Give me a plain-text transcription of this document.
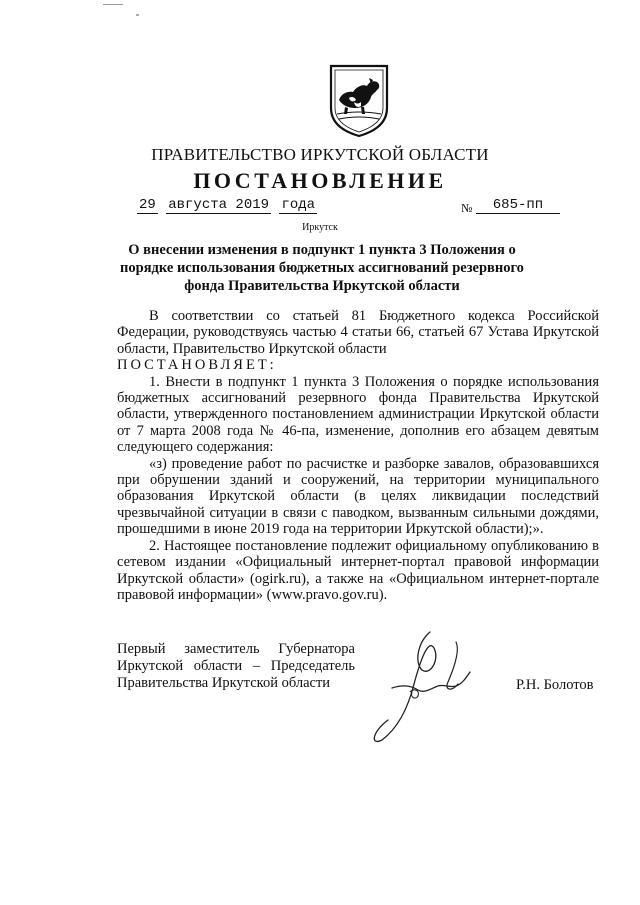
ПРАВИТЕЛЬСТВО ИРКУТСКОЙ ОБЛАСТИ
ПОСТАНОВЛЕНИЕ
29 августа 2019 года	№	685-пп
Иркутск
О внесении изменения в подпункт 1 пункта 3 Положения о порядке использования бюджетных ассигнований резервного фонда Правительства Иркутской области

В соответствии со статьей 81 Бюджетного кодекса Российской Федерации, руководствуясь частью 4 статьи 66, статьей 67 Устава Иркутской области, Правительство Иркутской области

ПОСТАНОВЛЯЕТ:

1. Внести в подпункт 1 пункта 3 Положения о порядке использования бюджетных ассигнований резервного фонда Правительства Иркутской области, утвержденного постановлением администрации Иркутской области от 7 марта 2008 года № 46-па, изменение, дополнив его абзацем девятым следующего содержания:

«з) проведение работ по расчистке и разборке завалов, образовавшихся при обрушении зданий и сооружений, на территории муниципального образования Иркутской области (в целях ликвидации последствий чрезвычайной ситуации в связи с паводком, вызванным сильными дождями, прошедшими в июне 2019 года на территории Иркутской области);».

2. Настоящее постановление подлежит официальному опубликованию в сетевом издании «Официальный интернет-портал правовой информации Иркутской области» (ogirk.ru), а также на «Официальном интернет-портале правовой информации» (www.pravo.gov.ru).

Первый заместитель Губернатора
Иркутской области – Председатель
Правительства Иркутской области	Р.Н. Болотов
